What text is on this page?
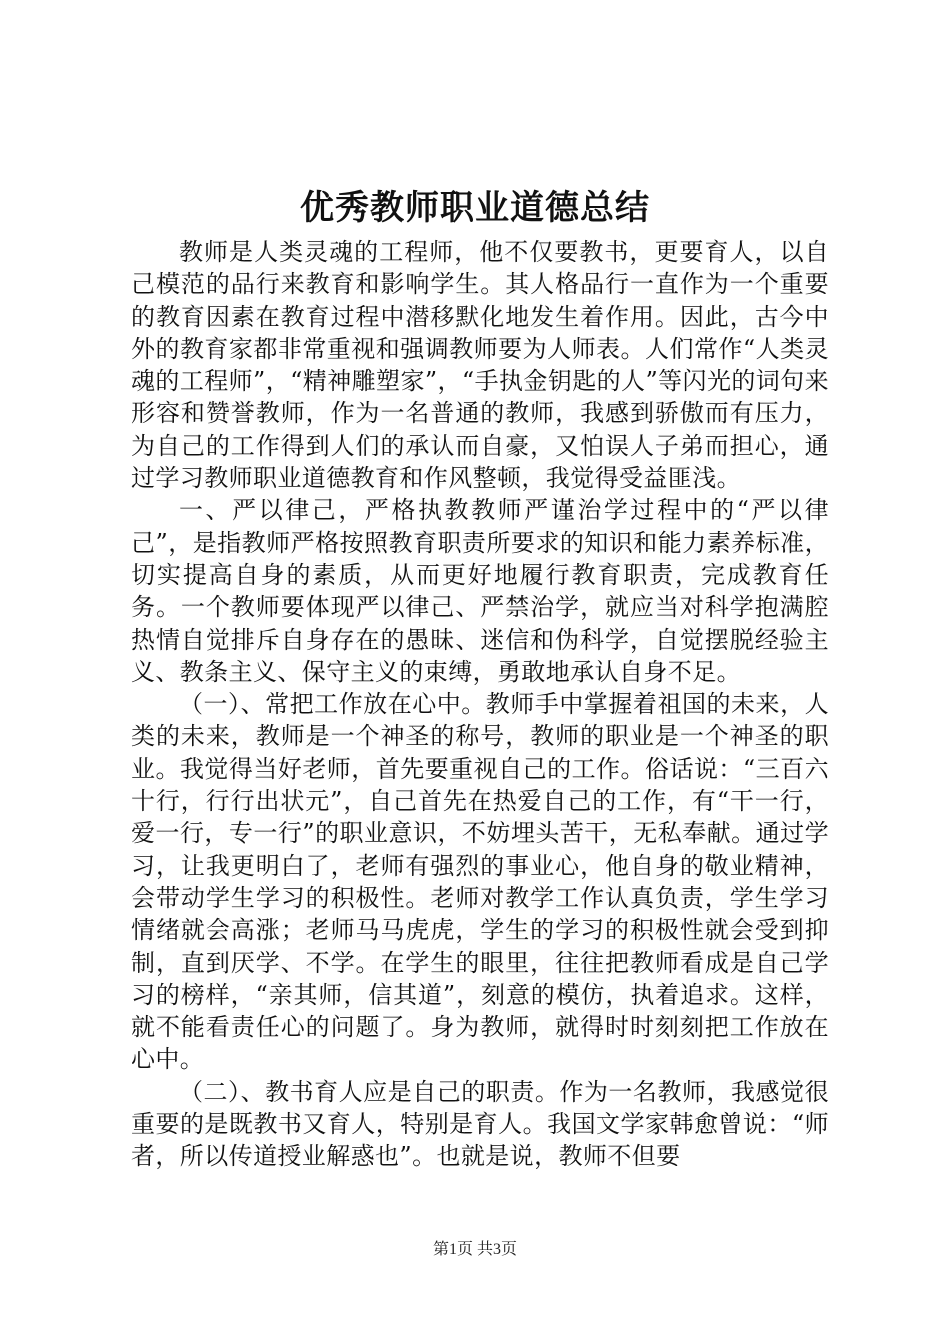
优秀教师职业道德总结

教师是人类灵魂的工程师，他不仅要教书，更要育人，以自己模范的品行来教育和影响学生。其人格品行一直作为一个重要的教育因素在教育过程中潜移默化地发生着作用。因此，古今中外的教育家都非常重视和强调教师要为人师表。人们常作“人类灵魂的工程师”，“精神雕塑家”，“手执金钥匙的人”等闪光的词句来形容和赞誉教师，作为一名普通的教师，我感到骄傲而有压力，为自己的工作得到人们的承认而自豪，又怕误人子弟而担心，通过学习教师职业道德教育和作风整顿，我觉得受益匪浅。

一、严以律己，严格执教教师严谨治学过程中的“严以律己”，是指教师严格按照教育职责所要求的知识和能力素养标准，切实提高自身的素质，从而更好地履行教育职责，完成教育任务。一个教师要体现严以律己、严禁治学，就应当对科学抱满腔热情自觉排斥自身存在的愚昧、迷信和伪科学，自觉摆脱经验主义、教条主义、保守主义的束缚，勇敢地承认自身不足。

（一）、常把工作放在心中。教师手中掌握着祖国的未来，人类的未来，教师是一个神圣的称号，教师的职业是一个神圣的职业。我觉得当好老师，首先要重视自己的工作。俗话说：“三百六十行，行行出状元”，自己首先在热爱自己的工作，有“干一行，爱一行，专一行”的职业意识，不妨埋头苦干，无私奉献。通过学习，让我更明白了，老师有强烈的事业心，他自身的敬业精神，会带动学生学习的积极性。老师对教学工作认真负责，学生学习情绪就会高涨；老师马马虎虎，学生的学习的积极性就会受到抑制，直到厌学、不学。在学生的眼里，往往把教师看成是自己学习的榜样，“亲其师，信其道”，刻意的模仿，执着追求。这样，就不能看责任心的问题了。身为教师，就得时时刻刻把工作放在心中。

（二）、教书育人应是自己的职责。作为一名教师，我感觉很重要的是既教书又育人，特别是育人。我国文学家韩愈曾说：“师者，所以传道授业解惑也”。也就是说，教师不但要

第1页 共3页
